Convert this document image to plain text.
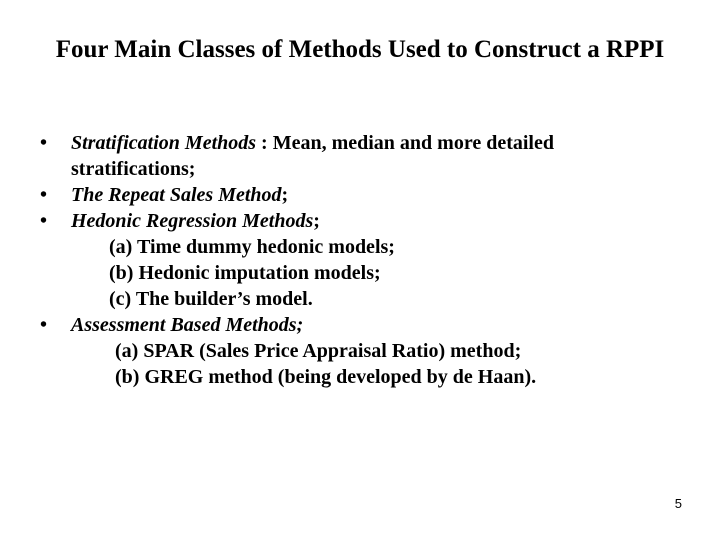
Four Main Classes of Methods Used to Construct a RPPI
• Stratification Methods : Mean, median and more detailed stratifications;
• The Repeat Sales Method;
• Hedonic Regression Methods;
(a) Time dummy hedonic models;
(b) Hedonic imputation models;
(c) The builder’s model.
• Assessment Based Methods;
(a) SPAR (Sales Price Appraisal Ratio) method;
(b) GREG method (being developed by de Haan).
5
